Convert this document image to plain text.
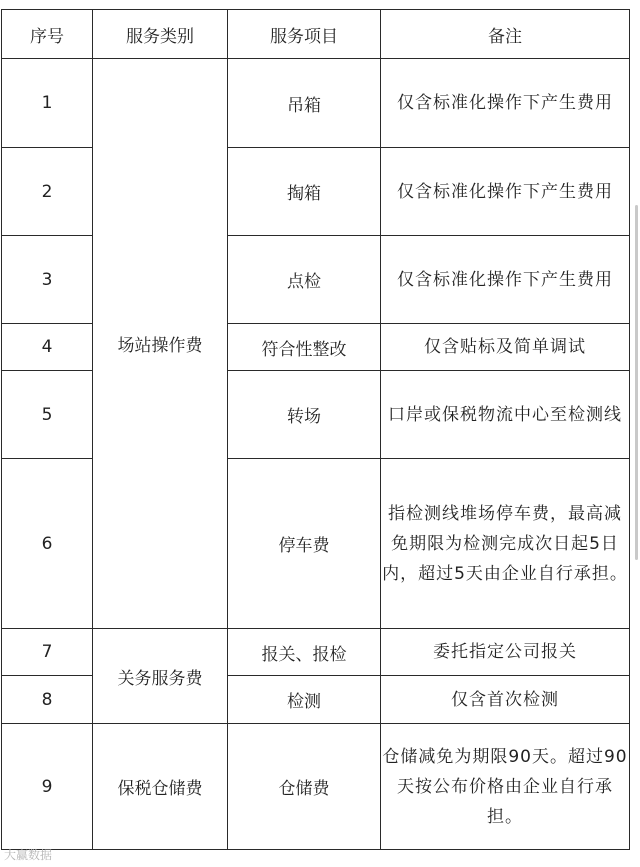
序号	服务类别	服务项目	备注
1	场站操作费	吊箱	仅含标准化操作下产生费用
2		掏箱	仅含标准化操作下产生费用
3		点检	仅含标准化操作下产生费用
4		符合性整改	仅含贴标及简单调试
5		转场	口岸或保税物流中心至检测线
6		停车费	指检测线堆场停车费，最高减免期限为检测完成次日起5日内，超过5天由企业自行承担。
7	关务服务费	报关、报检	委托指定公司报关
8		检测	仅含首次检测
9	保税仓储费	仓储费	仓储减免为期限90天。超过90天按公布价格由企业自行承担。
大赢数据
